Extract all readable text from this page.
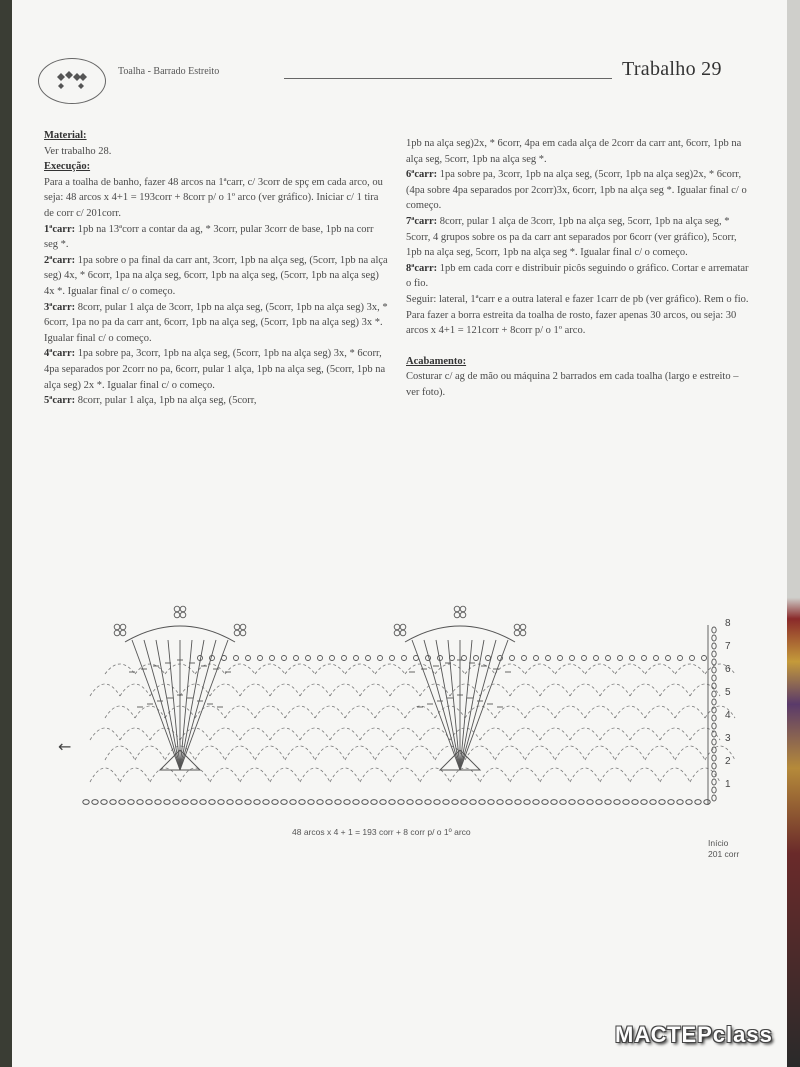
Toalha - Barrado Estreito	Trabalho 29

Material:

Ver trabalho 28.

Execução:

Para a toalha de banho, fazer 48 arcos na 1ªcarr, c/ 3corr de spç em cada arco, ou seja: 48 arcos x 4+1 = 193corr + 8corr p/ o 1º arco (ver gráfico). Iniciar c/ 1 tira de corr c/ 201corr.

1ªcarr: 1pb na 13ªcorr a contar da ag, * 3corr, pular 3corr de base, 1pb na corr seg *.

2ªcarr: 1pa sobre o pa final da carr ant, 3corr, 1pb na alça seg, (5corr, 1pb na alça seg) 4x, * 6corr, 1pa na alça seg, 6corr, 1pb na alça seg, (5corr, 1pb na alça seg) 4x *. Igualar final c/ o começo.

3ªcarr: 8corr, pular 1 alça de 3corr, 1pb na alça seg, (5corr, 1pb na alça seg) 3x, * 6corr, 1pa no pa da carr ant, 6corr, 1pb na alça seg, (5corr, 1pb na alça seg) 3x *. Igualar final c/ o começo.

4ªcarr: 1pa sobre pa, 3corr, 1pb na alça seg, (5corr, 1pb na alça seg) 3x, * 6corr, 4pa separados por 2corr no pa, 6corr, pular 1 alça, 1pb na alça seg, (5corr, 1pb na alça seg) 2x *. Igualar final c/ o começo.

5ªcarr: 8corr, pular 1 alça, 1pb na alça seg, (5corr,

1pb na alça seg)2x, * 6corr, 4pa em cada alça de 2corr da carr ant, 6corr, 1pb na alça seg, 5corr, 1pb na alça seg *.

6ªcarr: 1pa sobre pa, 3corr, 1pb na alça seg, (5corr, 1pb na alça seg)2x, * 6corr, (4pa sobre 4pa separados por 2corr)3x, 6corr, 1pb na alça seg *. Igualar final c/ o começo.

7ªcarr: 8corr, pular 1 alça de 3corr, 1pb na alça seg, 5corr, 1pb na alça seg, * 5corr, 4 grupos sobre os pa da carr ant separados por 6corr (ver gráfico), 5corr, 1pb na alça seg, 5corr, 1pb na alça seg *. Igualar final c/ o começo.

8ªcarr: 1pb em cada corr e distribuir picôs seguindo o gráfico. Cortar e arrematar o fio.

Seguir: lateral, 1ªcarr e a outra lateral e fazer 1carr de pb (ver gráfico). Rem o fio.

Para fazer a borra estreita da toalha de rosto, fazer apenas 30 arcos, ou seja: 30 arcos x 4+1 = 121corr + 8corr p/ o 1º arco.

Acabamento:

Costurar c/ ag de mão ou máquina 2 barrados em cada toalha (largo e estreito – ver foto).

←
8
7
6
5
4
3
2
1
48 arcos x 4 + 1 = 193 corr + 8 corr p/ o 1º arco
Início
201 corr
МАСТЕРclass
